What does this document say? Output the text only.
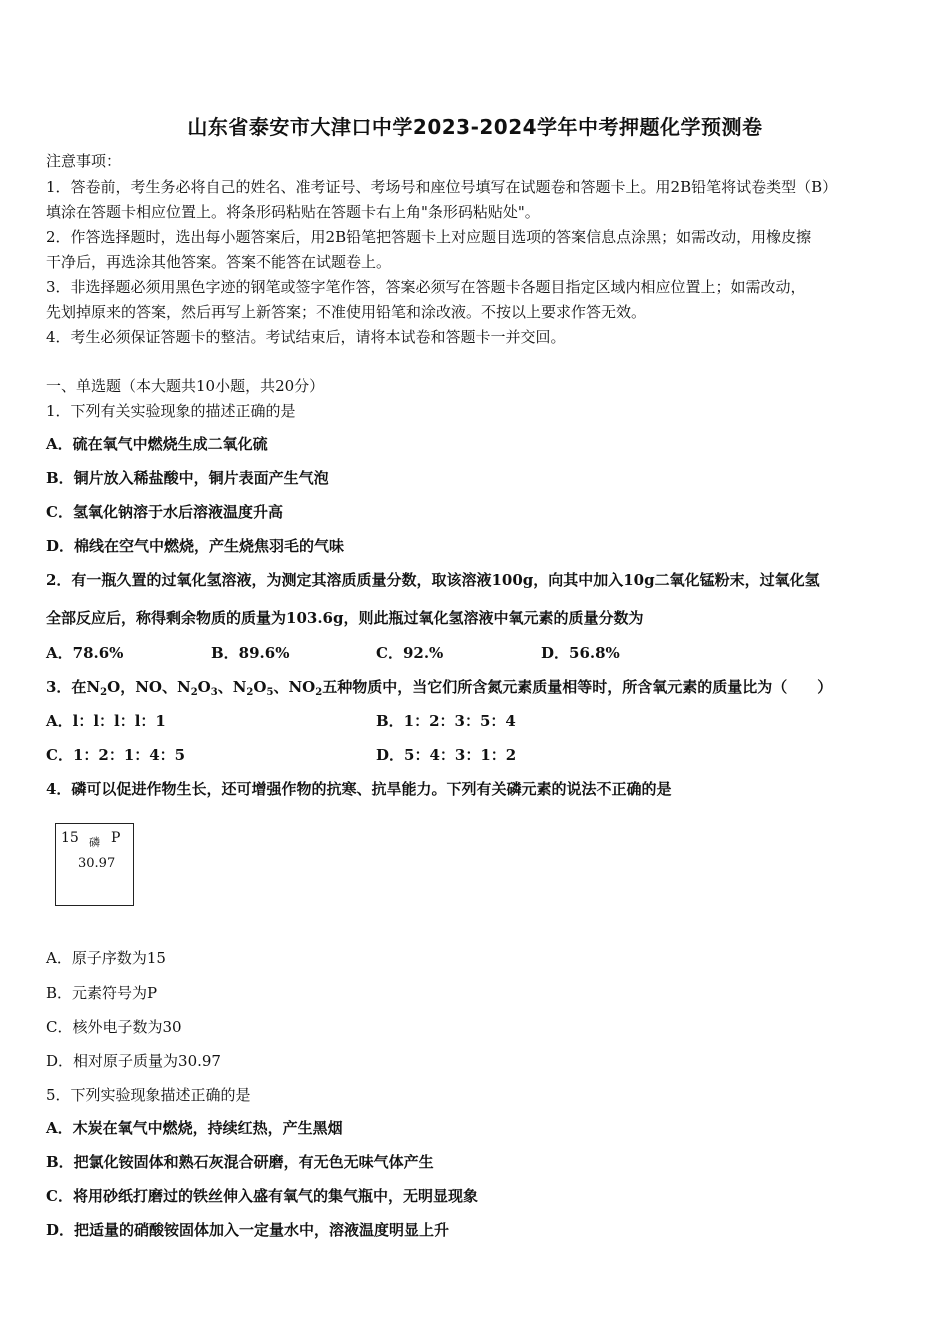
山东省泰安市大津口中学2023-2024学年中考押题化学预测卷
注意事项：
1．答卷前，考生务必将自己的姓名、准考证号、考场号和座位号填写在试题卷和答题卡上。用2B铅笔将试卷类型（B）
填涂在答题卡相应位置上。将条形码粘贴在答题卡右上角"条形码粘贴处"。
2．作答选择题时，选出每小题答案后，用2B铅笔把答题卡上对应题目选项的答案信息点涂黑；如需改动，用橡皮擦
干净后，再选涂其他答案。答案不能答在试题卷上。
3．非选择题必须用黑色字迹的钢笔或签字笔作答，答案必须写在答题卡各题目指定区域内相应位置上；如需改动，
先划掉原来的答案，然后再写上新答案；不准使用铅笔和涂改液。不按以上要求作答无效。
4．考生必须保证答题卡的整洁。考试结束后，请将本试卷和答题卡一并交回。
一、单选题（本大题共10小题，共20分）
1．下列有关实验现象的描述正确的是
A．硫在氧气中燃烧生成二氧化硫
B．铜片放入稀盐酸中，铜片表面产生气泡
C．氢氧化钠溶于水后溶液温度升高
D．棉线在空气中燃烧，产生烧焦羽毛的气味
2．有一瓶久置的过氧化氢溶液，为测定其溶质质量分数，取该溶液100g，向其中加入10g二氧化锰粉末，过氧化氢
全部反应后，称得剩余物质的质量为103.6g，则此瓶过氧化氢溶液中氧元素的质量分数为
A．78.6%	B．89.6%	C．92.%	D．56.8%
3．在$N_2O$，NO、$N_2O_3$、$N_2O_5$、$NO_2$五种物质中，当它们所含氮元素质量相等时，所含氧元素的质量比为（　　）
A．l：l：l：l：1	B．1：2：3：5：4
C．1：2：1：4：5	D．5：4：3：1：2
4．磷可以促进作物生长，还可增强作物的抗寒、抗旱能力。下列有关磷元素的说法不正确的是
15 磷 P
30.97
A．原子序数为15
B．元素符号为P
C．核外电子数为30
D．相对原子质量为30.97
5．下列实验现象描述正确的是
A．木炭在氧气中燃烧，持续红热，产生黑烟
B．把氯化铵固体和熟石灰混合研磨，有无色无味气体产生
C．将用砂纸打磨过的铁丝伸入盛有氧气的集气瓶中，无明显现象
D．把适量的硝酸铵固体加入一定量水中，溶液温度明显上升
